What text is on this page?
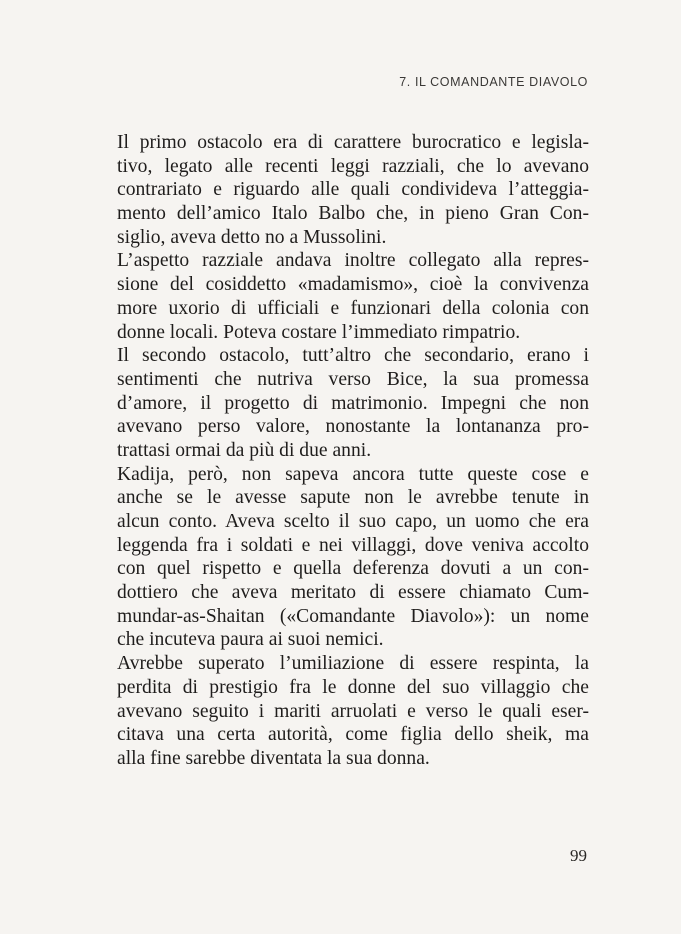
7. IL COMANDANTE DIAVOLO
Il primo ostacolo era di carattere burocratico e legisla-
tivo, legato alle recenti leggi razziali, che lo avevano
contrariato e riguardo alle quali condivideva l’atteggia-
mento dell’amico Italo Balbo che, in pieno Gran Con-
siglio, aveva detto no a Mussolini.
L’aspetto razziale andava inoltre collegato alla repres-
sione del cosiddetto «madamismo», cioè la convivenza
more uxorio di ufficiali e funzionari della colonia con
donne locali. Poteva costare l’immediato rimpatrio.
Il secondo ostacolo, tutt’altro che secondario, erano i
sentimenti che nutriva verso Bice, la sua promessa
d’amore, il progetto di matrimonio. Impegni che non
avevano perso valore, nonostante la lontananza pro-
trattasi ormai da più di due anni.
Kadija, però, non sapeva ancora tutte queste cose e
anche se le avesse sapute non le avrebbe tenute in
alcun conto. Aveva scelto il suo capo, un uomo che era
leggenda fra i soldati e nei villaggi, dove veniva accolto
con quel rispetto e quella deferenza dovuti a un con-
dottiero che aveva meritato di essere chiamato Cum-
mundar-as-Shaitan («Comandante Diavolo»): un nome
che incuteva paura ai suoi nemici.
Avrebbe superato l’umiliazione di essere respinta, la
perdita di prestigio fra le donne del suo villaggio che
avevano seguito i mariti arruolati e verso le quali eser-
citava una certa autorità, come figlia dello sheik, ma
alla fine sarebbe diventata la sua donna.
99
